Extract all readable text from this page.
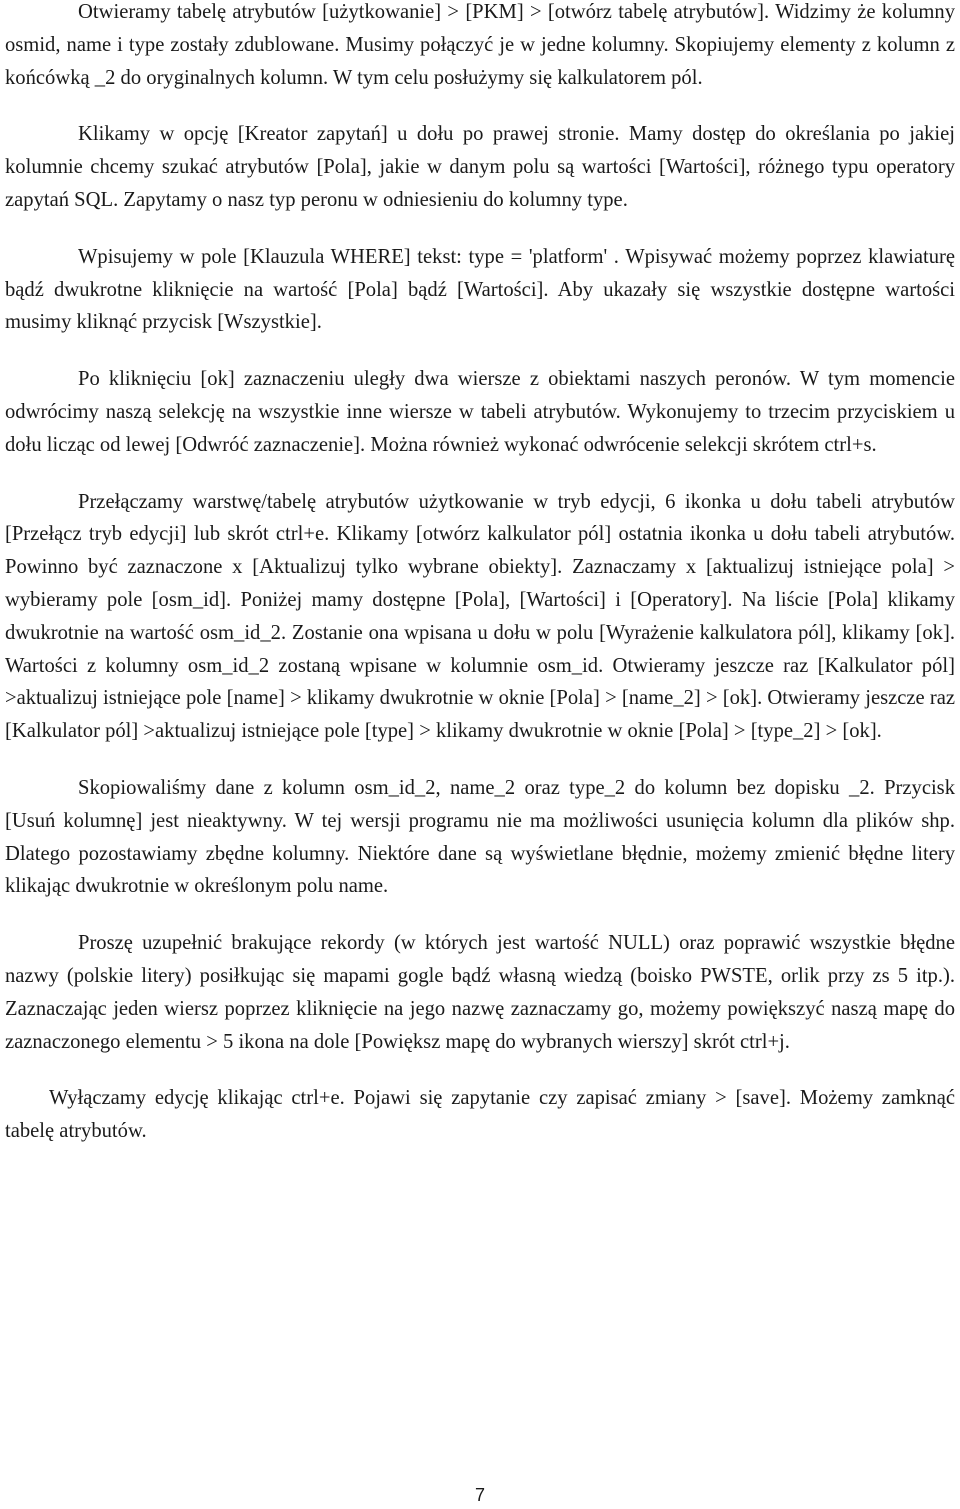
Otwieramy tabelę atrybutów [użytkowanie] > [PKM] > [otwórz tabelę atrybutów]. Widzimy że kolumny osmid, name i type zostały zdublowane. Musimy połączyć je w jedne kolumny. Skopiujemy elementy z kolumn z końcówką _2 do oryginalnych kolumn. W tym celu posłużymy się kalkulatorem pól.

Klikamy w opcję [Kreator zapytań] u dołu po prawej stronie. Mamy dostęp do określania po jakiej kolumnie chcemy szukać atrybutów [Pola], jakie w danym polu są wartości [Wartości], różnego typu operatory zapytań SQL. Zapytamy o nasz typ peronu w odniesieniu do kolumny type.

Wpisujemy w pole [Klauzula WHERE] tekst: type = 'platform' . Wpisywać możemy poprzez klawiaturę bądź dwukrotne kliknięcie na wartość [Pola] bądź [Wartości]. Aby ukazały się wszystkie dostępne wartości musimy kliknąć przycisk [Wszystkie].

Po kliknięciu [ok] zaznaczeniu uległy dwa wiersze z obiektami naszych peronów. W tym momencie odwrócimy naszą selekcję na wszystkie inne wiersze w tabeli atrybutów. Wykonujemy to trzecim przyciskiem u dołu licząc od lewej [Odwróć zaznaczenie]. Można również wykonać odwrócenie selekcji skrótem ctrl+s.

Przełączamy warstwę/tabelę atrybutów użytkowanie w tryb edycji, 6 ikonka u dołu tabeli atrybutów [Przełącz tryb edycji] lub skrót ctrl+e. Klikamy [otwórz kalkulator pól] ostatnia ikonka u dołu tabeli atrybutów. Powinno być zaznaczone x [Aktualizuj tylko wybrane obiekty]. Zaznaczamy x [aktualizuj istniejące pola] > wybieramy pole [osm_id]. Poniżej mamy dostępne [Pola], [Wartości] i [Operatory]. Na liście [Pola] klikamy dwukrotnie na wartość osm_id_2. Zostanie ona wpisana u dołu w polu [Wyrażenie kalkulatora pól], klikamy [ok]. Wartości z kolumny osm_id_2 zostaną wpisane w kolumnie osm_id. Otwieramy jeszcze raz [Kalkulator pól] >aktualizuj istniejące pole [name] > klikamy dwukrotnie w oknie [Pola] > [name_2] > [ok]. Otwieramy jeszcze raz [Kalkulator pól] >aktualizuj istniejące pole [type] > klikamy dwukrotnie w oknie [Pola] > [type_2] > [ok].

Skopiowaliśmy dane z kolumn osm_id_2, name_2 oraz type_2 do kolumn bez dopisku _2. Przycisk [Usuń kolumnę] jest nieaktywny. W tej wersji programu nie ma możliwości usunięcia kolumn dla plików shp. Dlatego pozostawiamy zbędne kolumny. Niektóre dane są wyświetlane błędnie, możemy zmienić błędne litery klikając dwukrotnie w określonym polu name.

Proszę uzupełnić brakujące rekordy (w których jest wartość NULL) oraz poprawić wszystkie błędne nazwy (polskie litery) posiłkując się mapami gogle bądź własną wiedzą (boisko PWSTE, orlik przy zs 5 itp.). Zaznaczając jeden wiersz poprzez kliknięcie na jego nazwę zaznaczamy go, możemy powiększyć naszą mapę do zaznaczonego elementu > 5 ikona na dole [Powiększ mapę do wybranych wierszy] skrót ctrl+j.

Wyłączamy edycję klikając ctrl+e. Pojawi się zapytanie czy zapisać zmiany > [save]. Możemy zamknąć tabelę atrybutów.

7
